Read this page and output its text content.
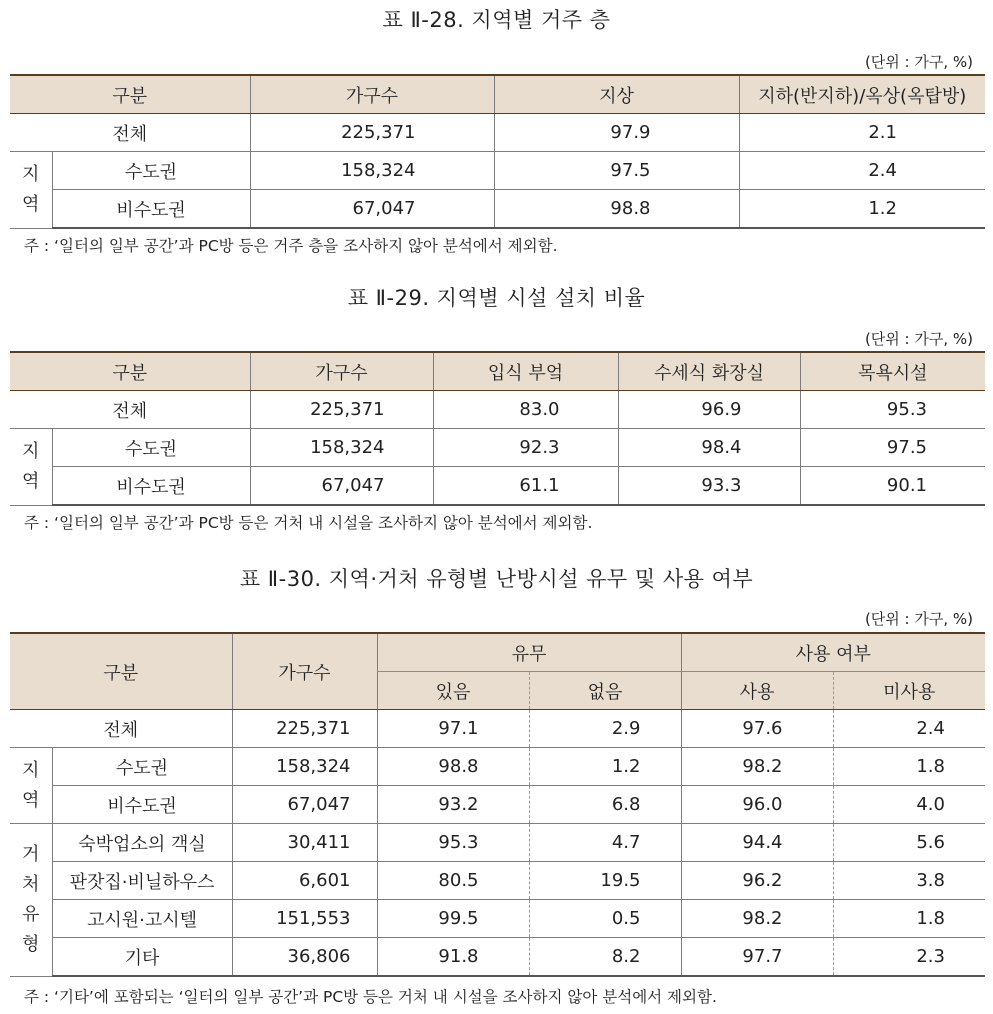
표 Ⅱ-28. 지역별 거주 층
(단위 : 가구, %)
구분		가구수	지상	지하(반지하)/옥상(옥탑방)
전체		225,371	97.9	2.1
지
역	수도권	158,324	97.5	2.4
	비수도권	67,047	98.8	1.2
주 : ‘일터의 일부 공간’과 PC방 등은 거주 층을 조사하지 않아 분석에서 제외함.
표 Ⅱ-29. 지역별 시설 설치 비율
(단위 : 가구, %)
구분		가구수	입식 부엌	수세식 화장실	목욕시설
전체		225,371	83.0	96.9	95.3
지
역	수도권	158,324	92.3	98.4	97.5
	비수도권	67,047	61.1	93.3	90.1
주 : ‘일터의 일부 공간’과 PC방 등은 거처 내 시설을 조사하지 않아 분석에서 제외함.
표 Ⅱ-30. 지역·거처 유형별 난방시설 유무 및 사용 여부
(단위 : 가구, %)
구분		가구수	유무		사용 여부	
			있음	없음	사용	미사용
전체		225,371	97.1	2.9	97.6	2.4
지
역	수도권	158,324	98.8	1.2	98.2	1.8
	비수도권	67,047	93.2	6.8	96.0	4.0
거
처
유
형	숙박업소의 객실	30,411	95.3	4.7	94.4	5.6
	판잣집·비닐하우스	6,601	80.5	19.5	96.2	3.8
	고시원·고시텔	151,553	99.5	0.5	98.2	1.8
	기타	36,806	91.8	8.2	97.7	2.3
주 : ‘기타’에 포함되는 ‘일터의 일부 공간’과 PC방 등은 거처 내 시설을 조사하지 않아 분석에서 제외함.
